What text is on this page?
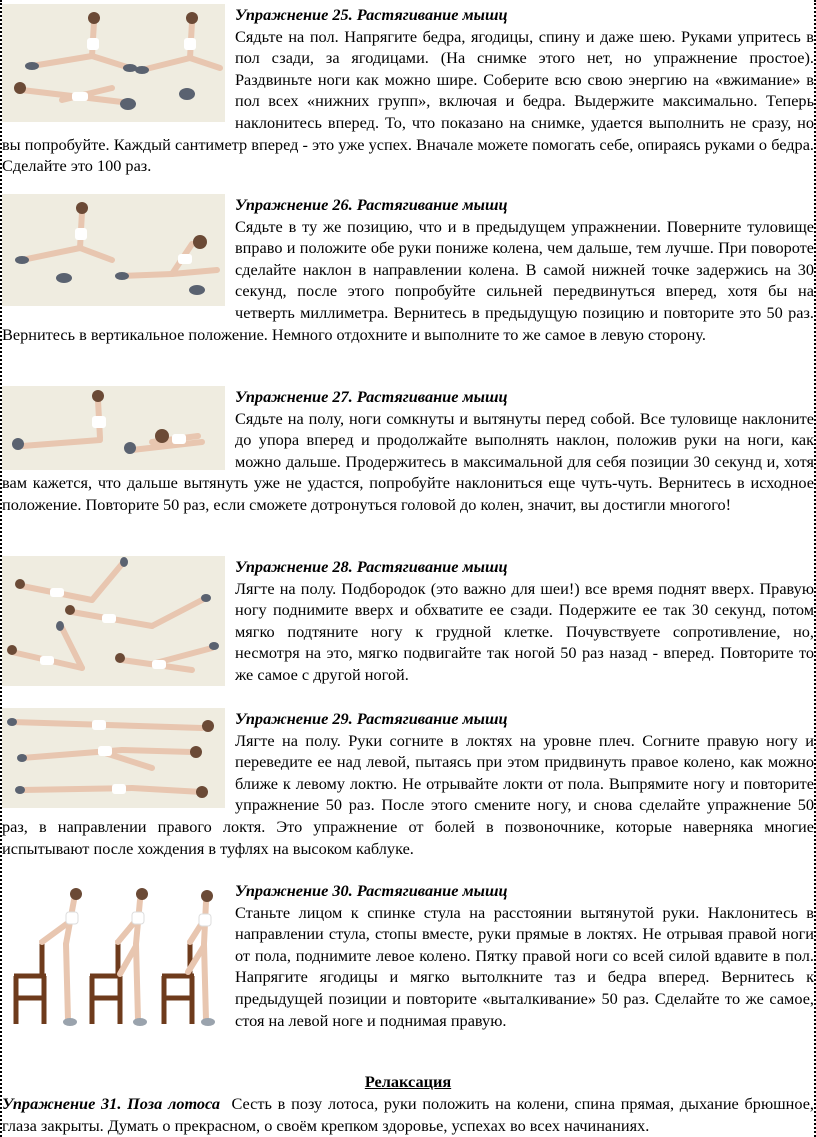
Упражнение 25. Растягивание мышц
Сядьте на пол. Напрягите бедра, ягодицы, спину и даже шею. Руками упритесь в пол сзади, за ягодицами. (На снимке этого нет, но упражнение простое). Раздвиньте ноги как можно шире. Соберите всю свою энергию на «вжимание» в пол всех «нижних групп», включая и бедра. Выдержите максимально. Теперь наклонитесь вперед. То, что показано на снимке, удается выполнить не сразу, но вы попробуйте. Каждый сантиметр вперед - это уже успех. Вначале можете помогать себе, опираясь руками о бедра. Сделайте это 100 раз.

Упражнение 26. Растягивание мышц
Сядьте в ту же позицию, что и в предыдущем упражнении. Поверните туловище вправо и положите обе руки пониже колена, чем дальше, тем лучше. При повороте сделайте наклон в направлении колена. В самой нижней точке задержись на 30 секунд, после этого попробуйте сильней передвинуться вперед, хотя бы на четверть миллиметра. Вернитесь в предыдущую позицию и повторите это 50 раз. Вернитесь в вертикальное положение. Немного отдохните и выполните то же самое в левую сторону.

Упражнение 27. Растягивание мышц
Сядьте на полу, ноги сомкнуты и вытянуты перед собой. Все туловище наклоните до упора вперед и продолжайте выполнять наклон, положив руки на ноги, как можно дальше. Продержитесь в максимальной для себя позиции 30 секунд и, хотя вам кажется, что дальше вытянуть уже не удастся, попробуйте наклониться еще чуть-чуть. Вернитесь в исходное положение. Повторите 50 раз, если сможете дотронуться головой до колен, значит, вы достигли многого!

Упражнение 28. Растягивание мышц
Лягте на полу. Подбородок (это важно для шеи!) все время поднят вверх. Правую ногу поднимите вверх и обхватите ее сзади. Подержите ее так 30 секунд, потом мягко подтяните ногу к грудной клетке. Почувствуете сопротивление, но, несмотря на это, мягко подвигайте так ногой 50 раз назад - вперед. Повторите то же самое с другой ногой.

Упражнение 29. Растягивание мышц
Лягте на полу. Руки согните в локтях на уровне плеч. Согните правую ногу и переведите ее над левой, пытаясь при этом придвинуть правое колено, как можно ближе к левому локтю. Не отрывайте локти от пола. Выпрямите ногу и повторите упражнение 50 раз. После этого смените ногу, и снова сделайте упражнение 50 раз, в направлении правого локтя. Это упражнение от болей в позвоночнике, которые наверняка многие испытывают после хождения в туфлях на высоком каблуке.

Упражнение 30. Растягивание мышц
Станьте лицом к спинке стула на расстоянии вытянутой руки. Наклонитесь в направлении стула, стопы вместе, руки прямые в локтях. Не отрывая правой ноги от пола, поднимите левое колено. Пятку правой ноги со всей силой вдавите в пол. Напрягите ягодицы и мягко вытолкните таз и бедра вперед. Вернитесь к предыдущей позиции и повторите «выталкивание» 50 раз. Сделайте то же самое, стоя на левой ноге и поднимая правую.

Релаксация

Упражнение 31. Поза лотоса Сесть в позу лотоса, руки положить на колени, спина прямая, дыхание брюшное, глаза закрыты. Думать о прекрасном, о своём крепком здоровье, успехах во всех начинаниях.
